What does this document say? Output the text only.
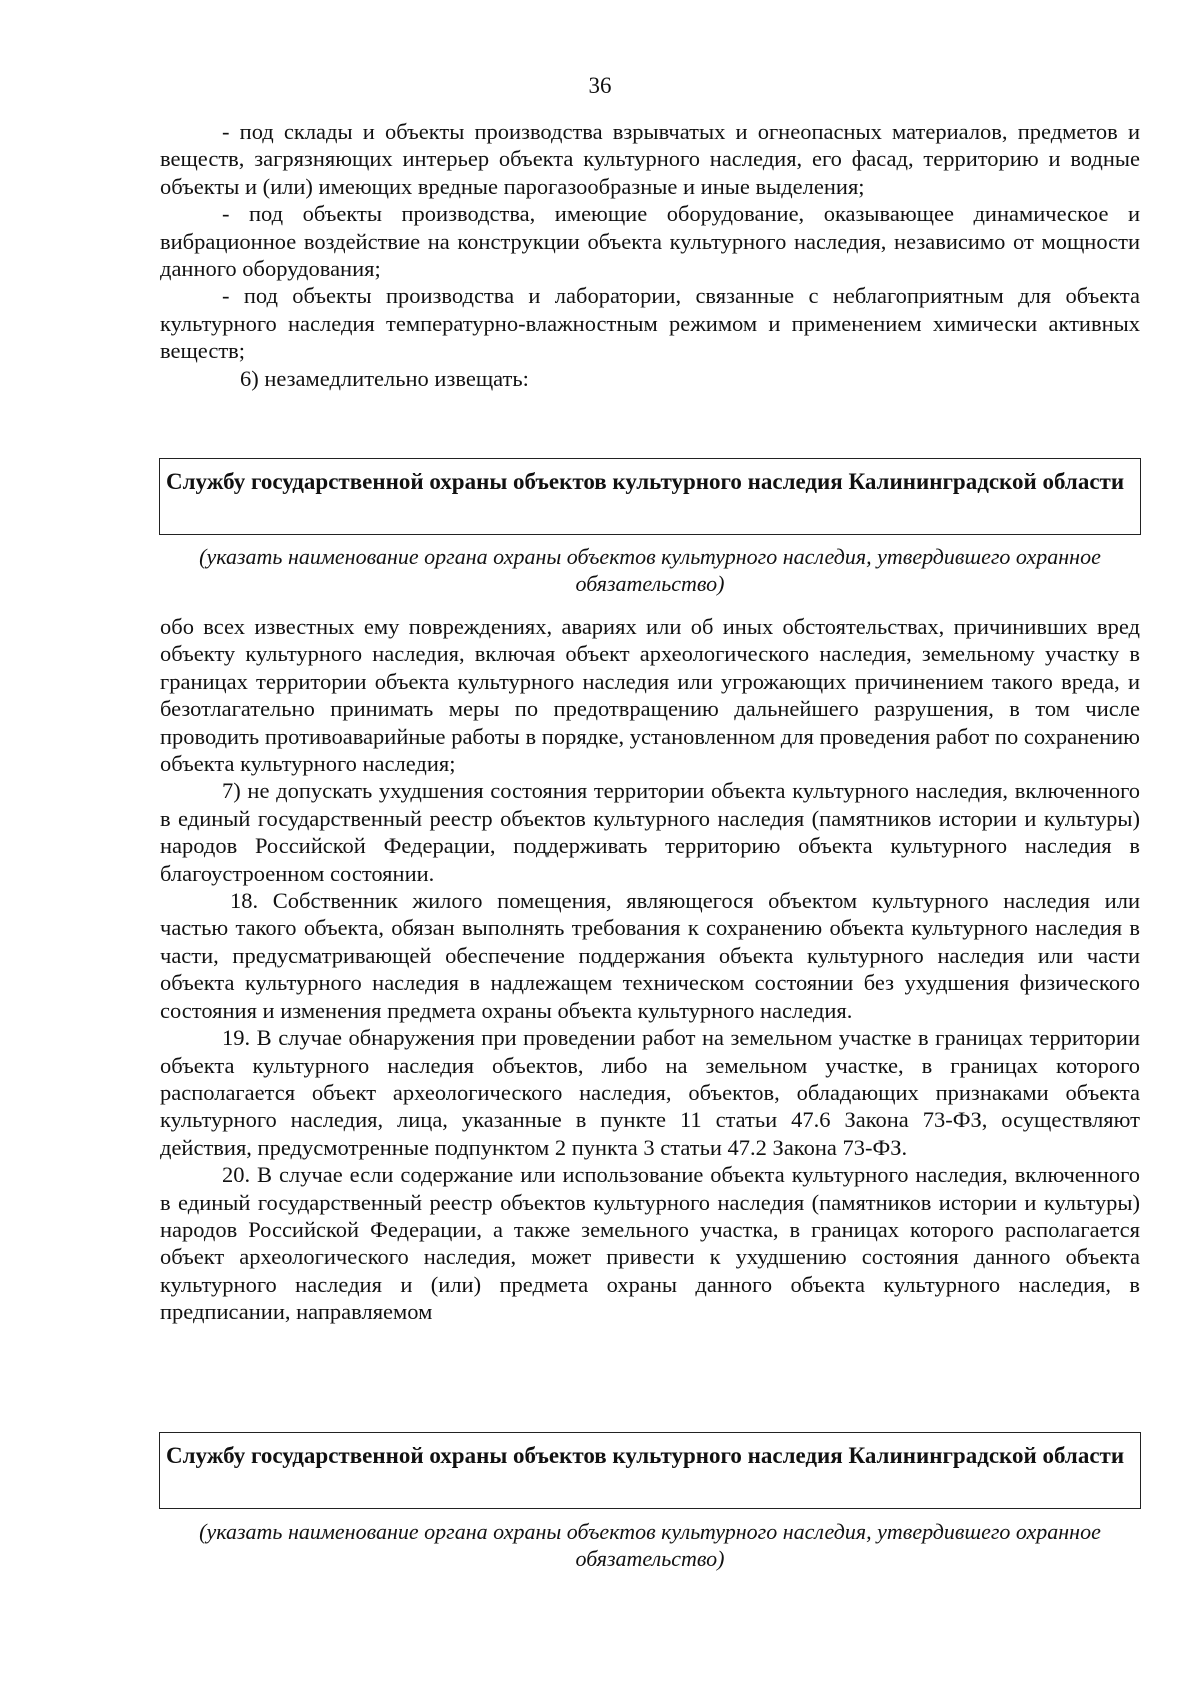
36

- под склады и объекты производства взрывчатых и огнеопасных материалов, предметов и веществ, загрязняющих интерьер объекта культурного наследия, его фасад, территорию и водные объекты и (или) имеющих вредные парогазообразные и иные выделения;

- под объекты производства, имеющие оборудование, оказывающее динамическое и вибрационное воздействие на конструкции объекта культурного наследия, независимо от мощности данного оборудования;

- под объекты производства и лаборатории, связанные с неблагоприятным для объекта культурного наследия температурно-влажностным режимом и применением химически активных веществ;

6) незамедлительно извещать:

Службу государственной охраны объектов культурного наследия Калининградской области

(указать наименование органа охраны объектов культурного наследия, утвердившего охранное обязательство)

обо всех известных ему повреждениях, авариях или об иных обстоятельствах, причинивших вред объекту культурного наследия, включая объект археологического наследия, земельному участку в границах территории объекта культурного наследия или угрожающих причинением такого вреда, и безотлагательно принимать меры по предотвращению дальнейшего разрушения, в том числе проводить противоаварийные работы в порядке, установленном для проведения работ по сохранению объекта культурного наследия;

7) не допускать ухудшения состояния территории объекта культурного наследия, включенного в единый государственный реестр объектов культурного наследия (памятников истории и культуры) народов Российской Федерации, поддерживать территорию объекта культурного наследия в благоустроенном состоянии.

18. Собственник жилого помещения, являющегося объектом культурного наследия или частью такого объекта, обязан выполнять требования к сохранению объекта культурного наследия в части, предусматривающей обеспечение поддержания объекта культурного наследия или части объекта культурного наследия в надлежащем техническом состоянии без ухудшения физического состояния и изменения предмета охраны объекта культурного наследия.

19. В случае обнаружения при проведении работ на земельном участке в границах территории объекта культурного наследия объектов, либо на земельном участке, в границах которого располагается объект археологического наследия, объектов, обладающих признаками объекта культурного наследия, лица, указанные в пункте 11 статьи 47.6 Закона 73-ФЗ, осуществляют действия, предусмотренные подпунктом 2 пункта 3 статьи 47.2 Закона 73-ФЗ.

20. В случае если содержание или использование объекта культурного наследия, включенного в единый государственный реестр объектов культурного наследия (памятников истории и культуры) народов Российской Федерации, а также земельного участка, в границах которого располагается объект археологического наследия, может привести к ухудшению состояния данного объекта культурного наследия и (или) предмета охраны данного объекта культурного наследия, в предписании, направляемом

Службу государственной охраны объектов культурного наследия Калининградской области

(указать наименование органа охраны объектов культурного наследия, утвердившего охранное обязательство)
